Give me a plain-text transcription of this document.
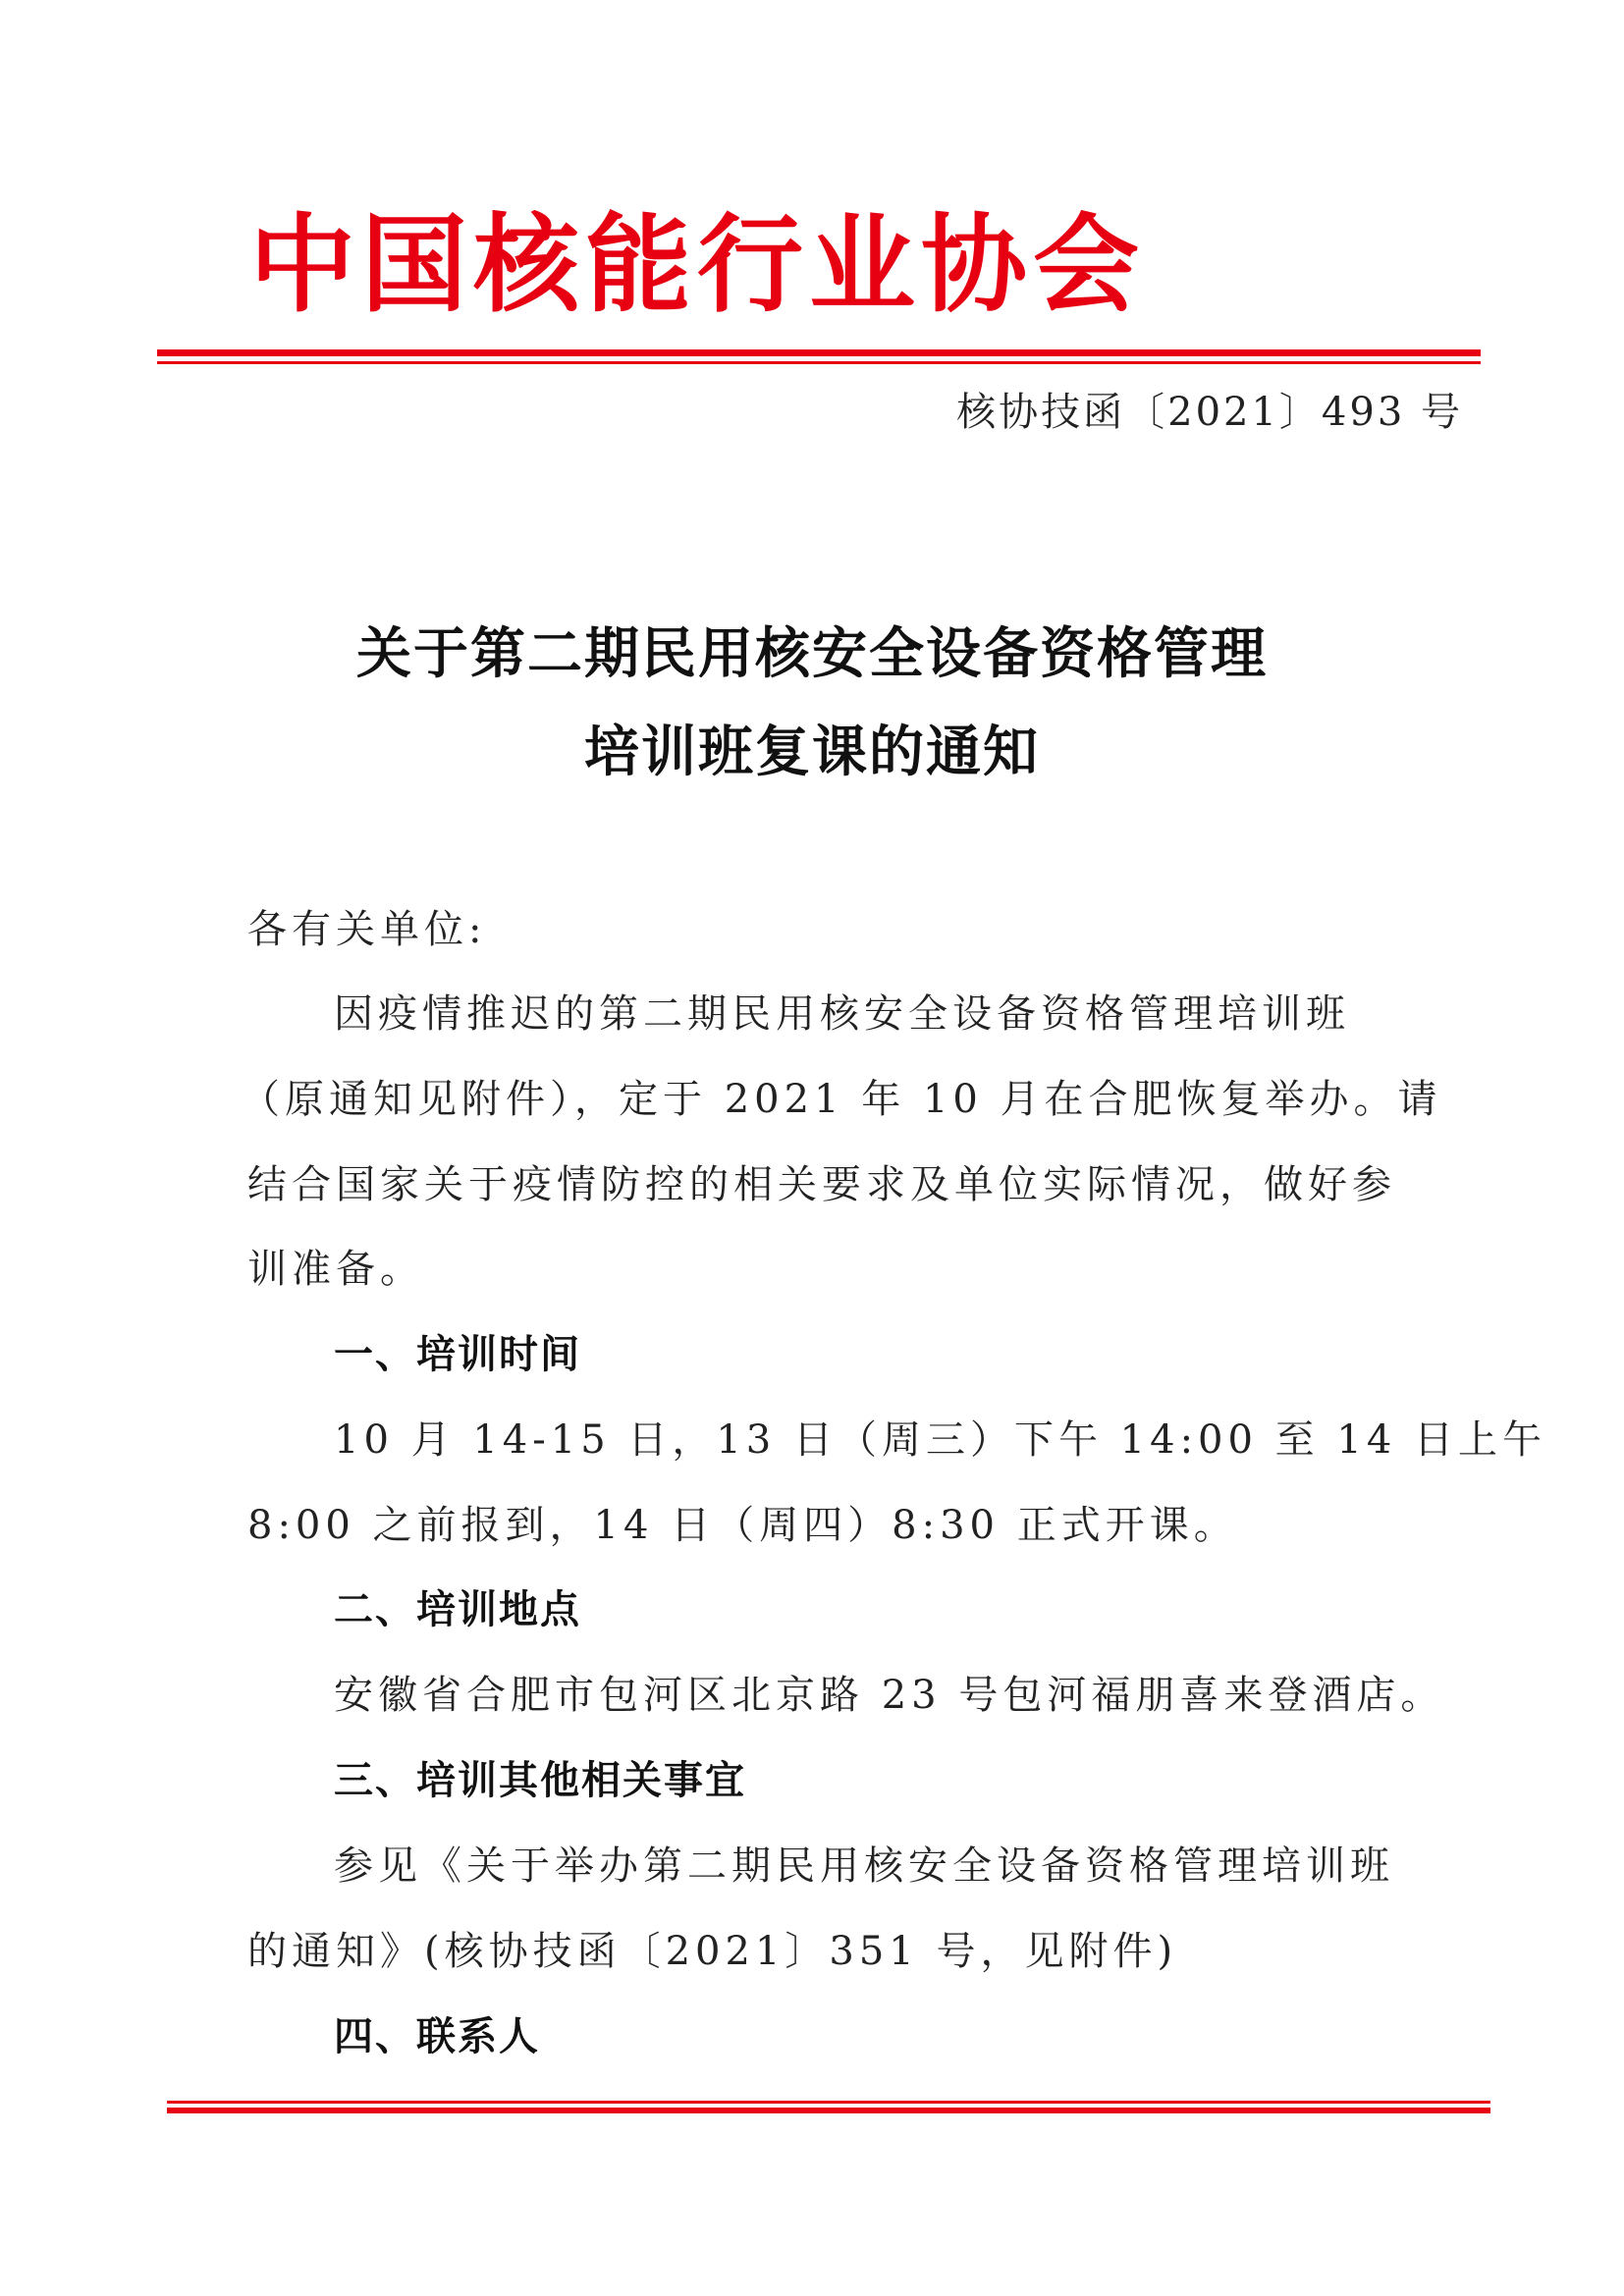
中国核能行业协会
核协技函〔2021〕493 号
关于第二期民用核安全设备资格管理
培训班复课的通知
各有关单位:
因疫情推迟的第二期民用核安全设备资格管理培训班
（原通知见附件），定于 2021 年 10 月在合肥恢复举办。请
结合国家关于疫情防控的相关要求及单位实际情况，做好参
训准备。
一、培训时间
10 月 14-15 日，13 日（周三）下午 14:00 至 14 日上午
8:00 之前报到，14 日（周四）8:30 正式开课。
二、培训地点
安徽省合肥市包河区北京路 23 号包河福朋喜来登酒店。
三、培训其他相关事宜
参见《关于举办第二期民用核安全设备资格管理培训班
的通知》(核协技函〔2021〕351 号，见附件)
四、联系人
